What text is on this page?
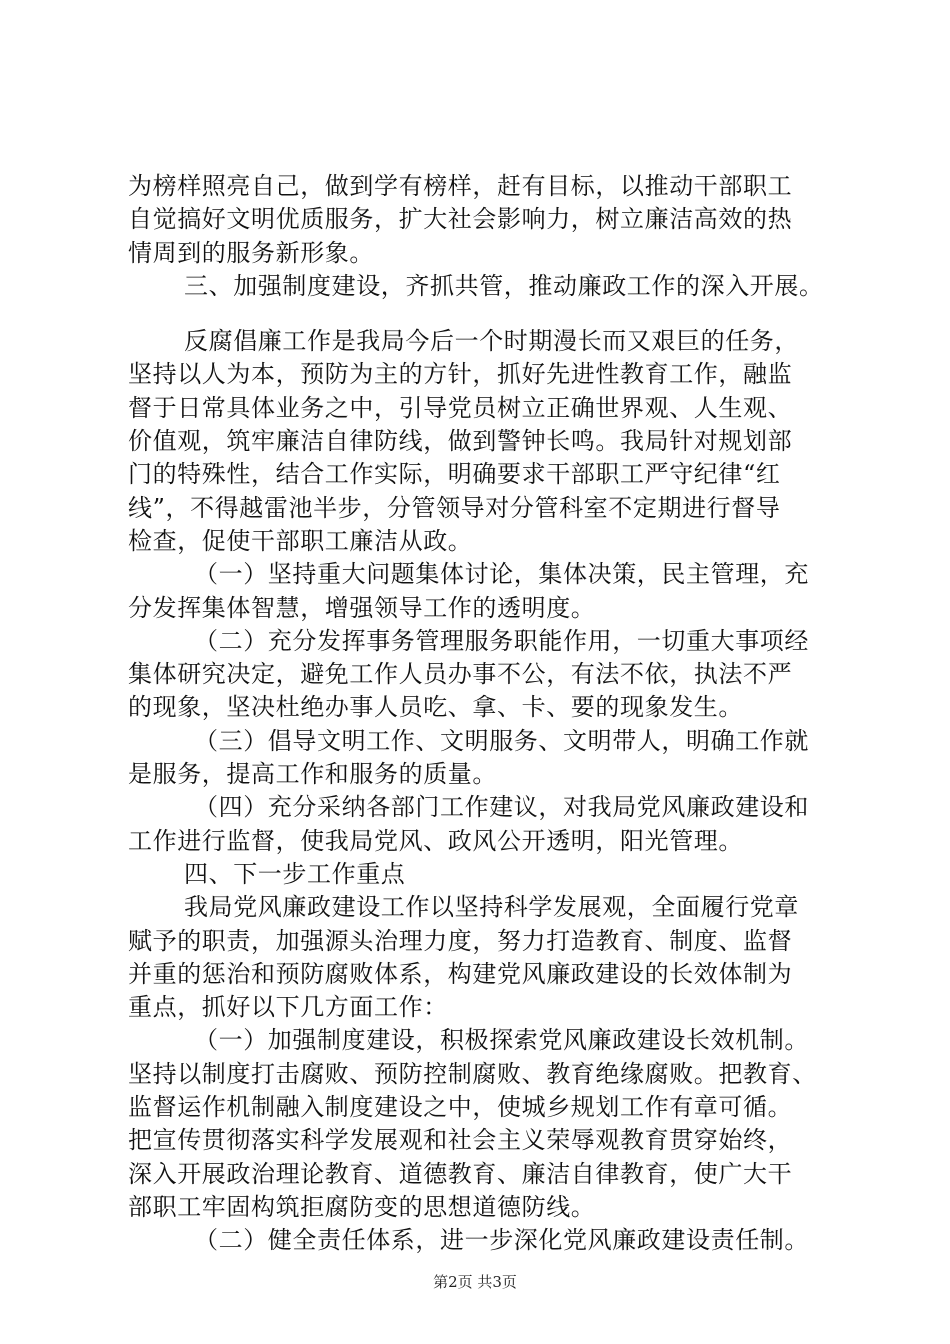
为榜样照亮自己，做到学有榜样，赶有目标，以推动干部职工
自觉搞好文明优质服务，扩大社会影响力，树立廉洁高效的热
情周到的服务新形象。
三、加强制度建设，齐抓共管，推动廉政工作的深入开展。
反腐倡廉工作是我局今后一个时期漫长而又艰巨的任务，
坚持以人为本，预防为主的方针，抓好先进性教育工作，融监
督于日常具体业务之中，引导党员树立正确世界观、人生观、
价值观，筑牢廉洁自律防线，做到警钟长鸣。我局针对规划部
门的特殊性，结合工作实际，明确要求干部职工严守纪律“红
线”，不得越雷池半步，分管领导对分管科室不定期进行督导
检查，促使干部职工廉洁从政。
（一）坚持重大问题集体讨论，集体决策，民主管理，充
分发挥集体智慧，增强领导工作的透明度。
（二）充分发挥事务管理服务职能作用，一切重大事项经
集体研究决定，避免工作人员办事不公，有法不依，执法不严
的现象，坚决杜绝办事人员吃、拿、卡、要的现象发生。
（三）倡导文明工作、文明服务、文明带人，明确工作就
是服务，提高工作和服务的质量。
（四）充分采纳各部门工作建议，对我局党风廉政建设和
工作进行监督，使我局党风、政风公开透明，阳光管理。
四、下一步工作重点
我局党风廉政建设工作以坚持科学发展观，全面履行党章
赋予的职责，加强源头治理力度，努力打造教育、制度、监督
并重的惩治和预防腐败体系，构建党风廉政建设的长效体制为
重点，抓好以下几方面工作：
（一）加强制度建设，积极探索党风廉政建设长效机制。
坚持以制度打击腐败、预防控制腐败、教育绝缘腐败。把教育、
监督运作机制融入制度建设之中，使城乡规划工作有章可循。
把宣传贯彻落实科学发展观和社会主义荣辱观教育贯穿始终，
深入开展政治理论教育、道德教育、廉洁自律教育，使广大干
部职工牢固构筑拒腐防变的思想道德防线。
（二）健全责任体系，进一步深化党风廉政建设责任制。
第2页 共3页
